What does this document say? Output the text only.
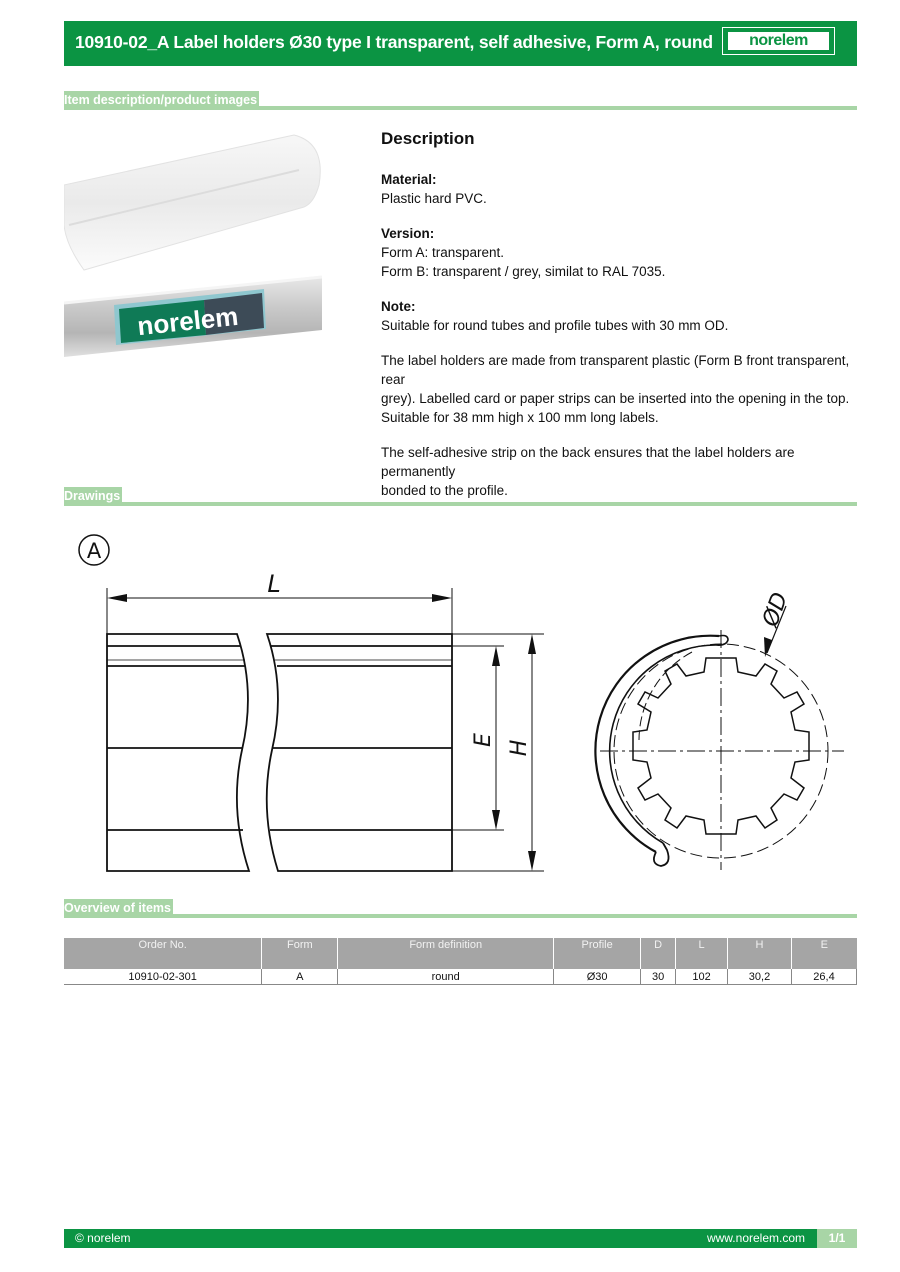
10910-02_A Label holders Ø30 type I transparent, self adhesive, Form A, round	norelem
Item description/product images
norelem
Description
Material:
Plastic hard PVC.
Version:
Form A: transparent.
Form B: transparent / grey, similat to RAL 7035.
Note:
Suitable for round tubes and profile tubes with 30 mm OD.
The label holders are made from transparent plastic (Form B front transparent, rear
grey). Labelled card or paper strips can be inserted into the opening in the top.
Suitable for 38 mm high x 100 mm long labels.
The self-adhesive strip on the back ensures that the label holders are permanently
bonded to the profile.
Drawings
A
L
E H
ØD
Overview of items
Order No.	Form	Form definition	Profile	D	L	H	E
10910-02-301	A	round	Ø30	30	102	30,2	26,4
© norelem	www.norelem.com	1/1
